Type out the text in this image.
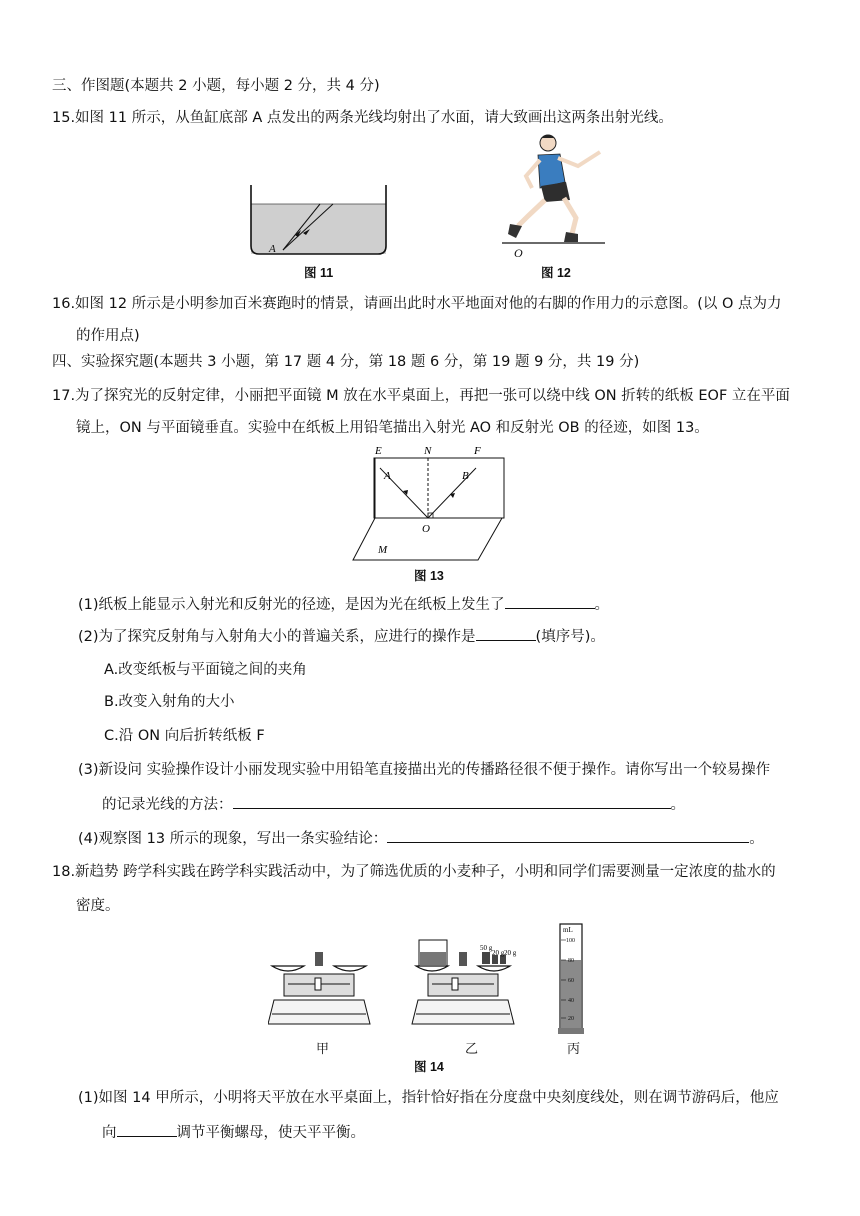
三、作图题(本题共 2 小题，每小题 2 分，共 4 分)
15.如图 11 所示，从鱼缸底部 A 点发出的两条光线均射出了水面，请大致画出这两条出射光线。
A
图 11
O
图 12
16.如图 12 所示是小明参加百米赛跑时的情景，请画出此时水平地面对他的右脚的作用力的示意图。(以 O 点为力
的作用点)
四、实验探究题(本题共 3 小题，第 17 题 4 分，第 18 题 6 分，第 19 题 9 分，共 19 分)
17.为了探究光的反射定律，小丽把平面镜 M 放在水平桌面上，再把一张可以绕中线 ON 折转的纸板 EOF 立在平面
镜上，ON 与平面镜垂直。实验中在纸板上用铅笔描出入射光 AO 和反射光 OB 的径迹，如图 13。
E	N	F
A	B
O
M
图 13
(1)纸板上能显示入射光和反射光的径迹，是因为光在纸板上发生了	。
(2)为了探究反射角与入射角大小的普遍关系，应进行的操作是	(填序号)。
A.改变纸板与平面镜之间的夹角
B.改变入射角的大小
C.沿 ON 向后折转纸板 F
(3)新设问 实验操作设计小丽发现实验中用铅笔直接描出光的传播路径很不便于操作。请你写出一个较易操作
的记录光线的方法：	。
(4)观察图 13 所示的现象，写出一条实验结论：	。
18.新趋势 跨学科实践在跨学科实践活动中，为了筛选优质的小麦种子，小明和同学们需要测量一定浓度的盐水的
密度。
50 g
20 g 20 g
mL
100
80
60
40
20
甲	乙	丙
图 14
(1)如图 14 甲所示，小明将天平放在水平桌面上，指针恰好指在分度盘中央刻度线处，则在调节游码后，他应
向	调节平衡螺母，使天平平衡。
